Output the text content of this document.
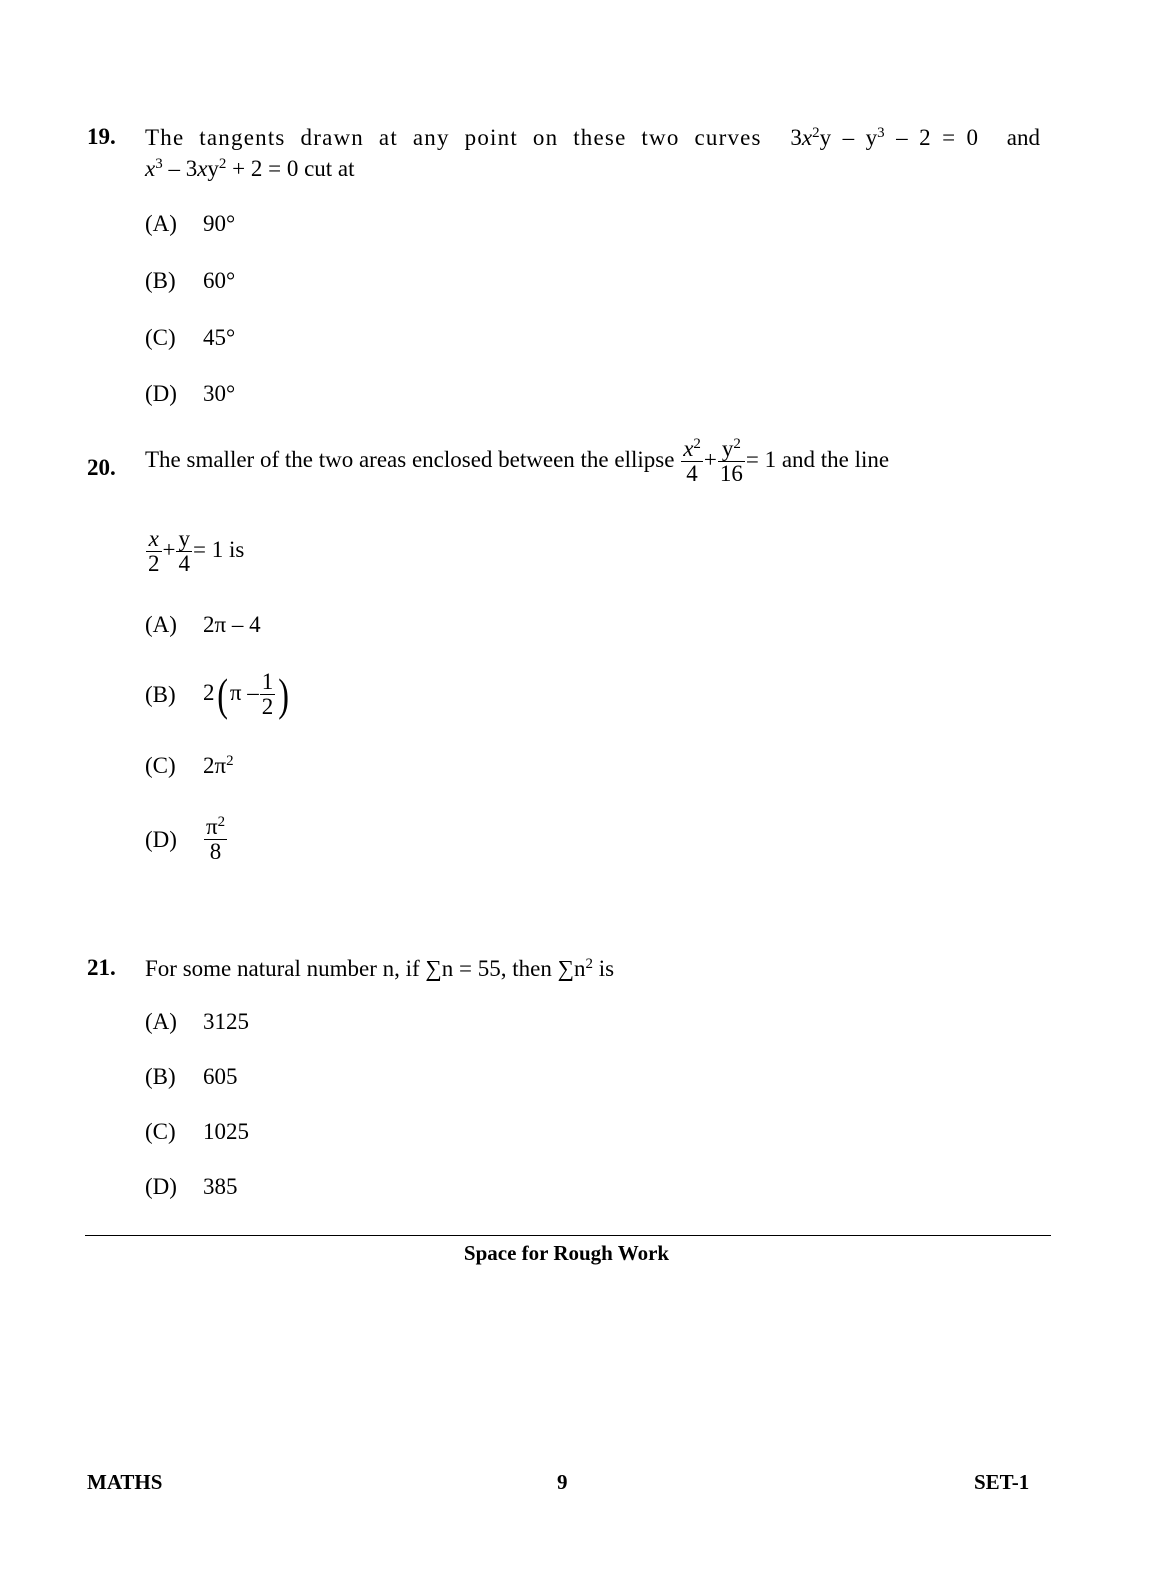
19. The tangents drawn at any point on these two curves $3x^2y - y^3 - 2 = 0$ and
$x^3 - 3xy^2 + 2 = 0$ cut at
(A) 90°
(B) 60°
(C) 45°
(D) 30°
20. The smaller of the two areas enclosed between the ellipse $\frac{x^2}{4} + \frac{y^2}{16} = 1$ and the line
$\frac{x}{2} + \frac{y}{4} = 1$ is
(A) 2π – 4
(B) $2(\pi - \frac{1}{2}$ )
(C) $2\pi^2$
$(D) \frac{\pi^2}{8}$
21. For some natural number n, if ∑n = 55, then $\sum n^2$ is
(A) 3125
(B) 605
(C) 1025
(D) 385
Space for Rough Work
MATHS	9	SET-1
